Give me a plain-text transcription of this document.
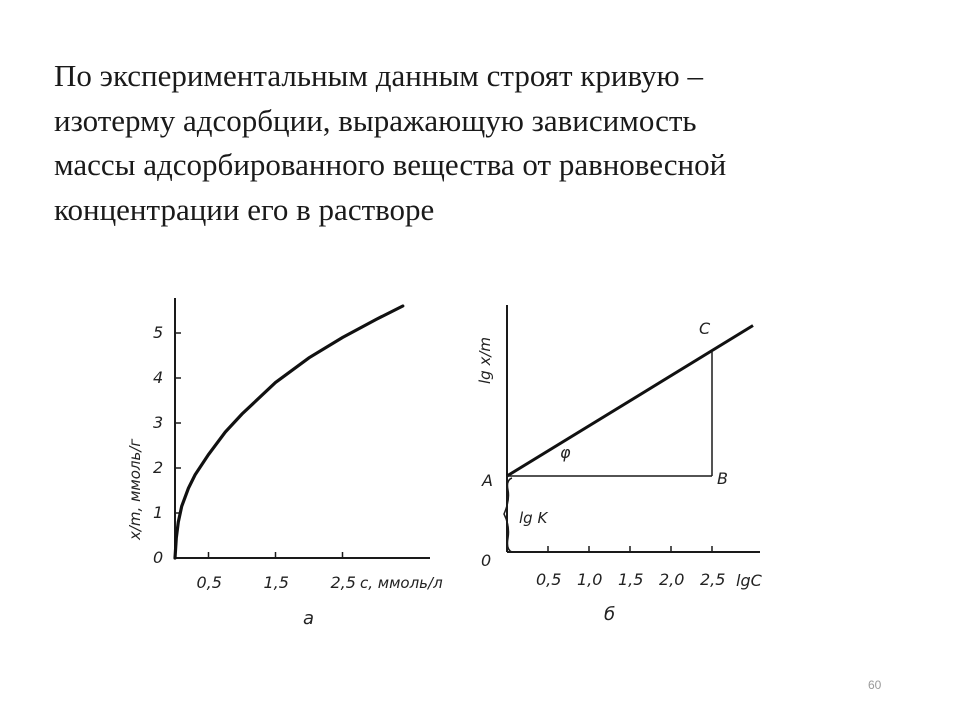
По экспериментальным данным строят кривую –
изотерму адсорбции, выражающую зависимость
массы адсорбированного вещества от равновесной
концентрации его в растворе
0
1
2
3
4
5
0,5	1,5	2,5
x/m, ммоль/г
c, ммоль/л
а
0,5 1,0 1,5 2,0 2,5
lg K
lg x/m
lgC
0
A	B
C
φ
б
60
